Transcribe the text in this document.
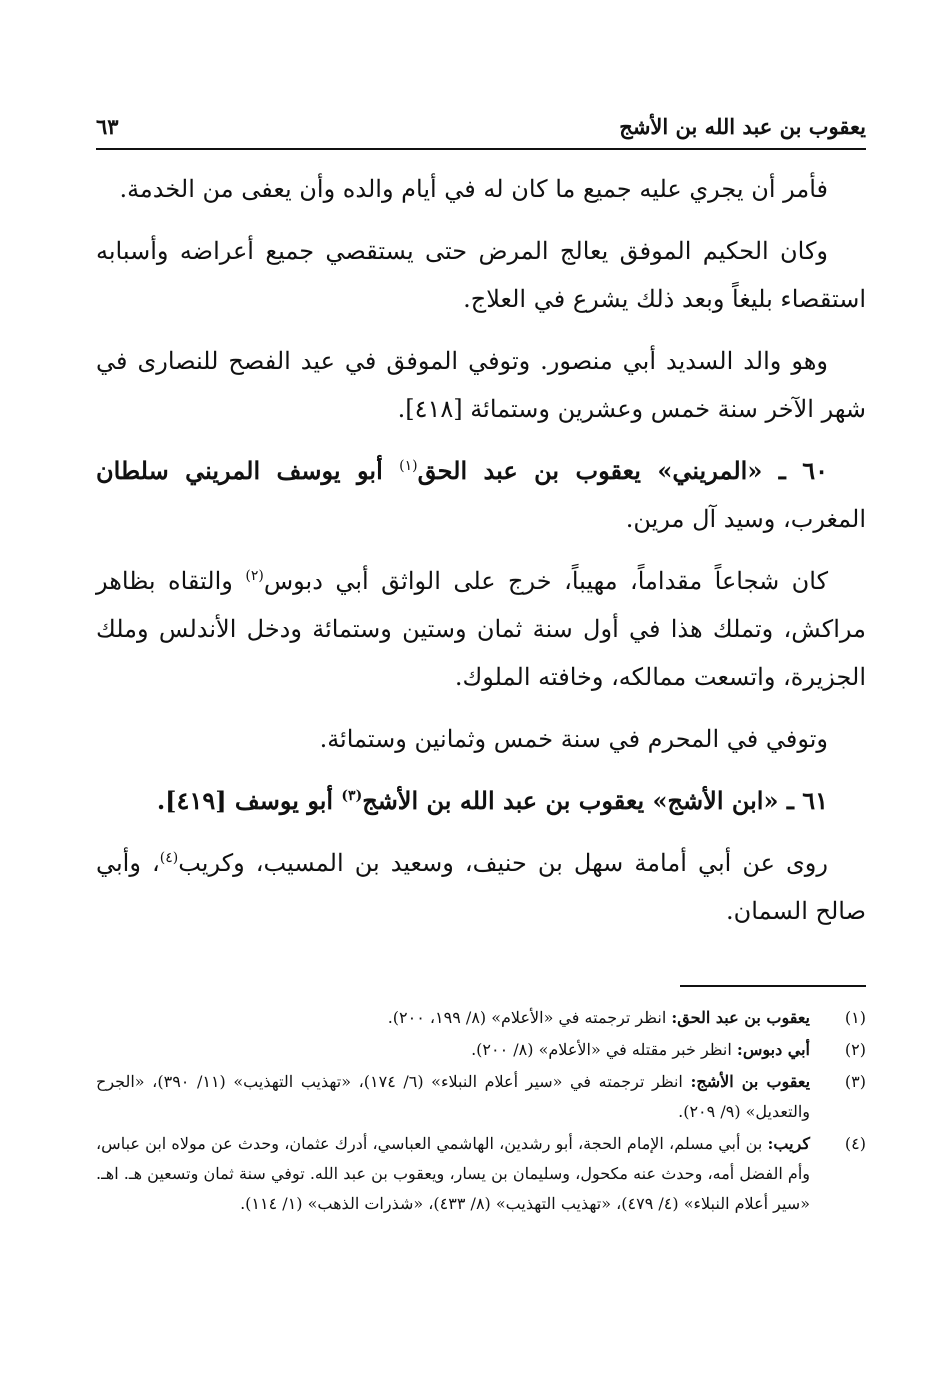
يعقوب بن عبد الله بن الأشج
٦٣

فأمر أن يجري عليه جميع ما كان له في أيام والده وأن يعفى من الخدمة.

وكان الحكيم الموفق يعالج المرض حتى يستقصي جميع أعراضه وأسبابه استقصاء بليغاً وبعد ذلك يشرع في العلاج.

وهو والد السديد أبي منصور. وتوفي الموفق في عيد الفصح للنصارى في شهر الآخر سنة خمس وعشرين وستمائة [٤١٨].

٦٠ ـ «المريني» يعقوب بن عبد الحق$^{(١)}$ أبو يوسف المريني سلطان المغرب، وسيد آل مرين.

كان شجاعاً مقداماً، مهيباً، خرج على الواثق أبي دبوس$^{(٢)}$ والتقاه بظاهر مراكش، وتملك هذا في أول سنة ثمان وستين وستمائة ودخل الأندلس وملك الجزيرة، واتسعت ممالكه، وخافته الملوك.

وتوفي في المحرم في سنة خمس وثمانين وستمائة.

٦١ ـ «ابن الأشج» يعقوب بن عبد الله بن الأشج$^{(٣)}$ أبو يوسف [٤١٩].

روى عن أبي أمامة سهل بن حنيف، وسعيد بن المسيب، وكريب$^{(٤)}$، وأبي صالح السمان.

(١)
يعقوب بن عبد الحق: انظر ترجمته في «الأعلام» (٨/ ١٩٩، ٢٠٠).
(٢)
أبي دبوس: انظر خبر مقتله في «الأعلام» (٨/ ٢٠٠).
(٣)
يعقوب بن الأشج: انظر ترجمته في «سير أعلام النبلاء» (٦/ ١٧٤)، «تهذيب التهذيب» (١١/ ٣٩٠)، «الجرح والتعديل» (٩/ ٢٠٩).
(٤)
كريب: بن أبي مسلم، الإمام الحجة، أبو رشدين، الهاشمي العباسي، أدرك عثمان، وحدث عن مولاه ابن عباس، وأم الفضل أمه، وحدث عنه مكحول، وسليمان بن يسار، ويعقوب بن عبد الله. توفي سنة ثمان وتسعين هـ. اهـ. «سير أعلام النبلاء» (٤/ ٤٧٩)، «تهذيب التهذيب» (٨/ ٤٣٣)، «شذرات الذهب» (١/ ١١٤).
